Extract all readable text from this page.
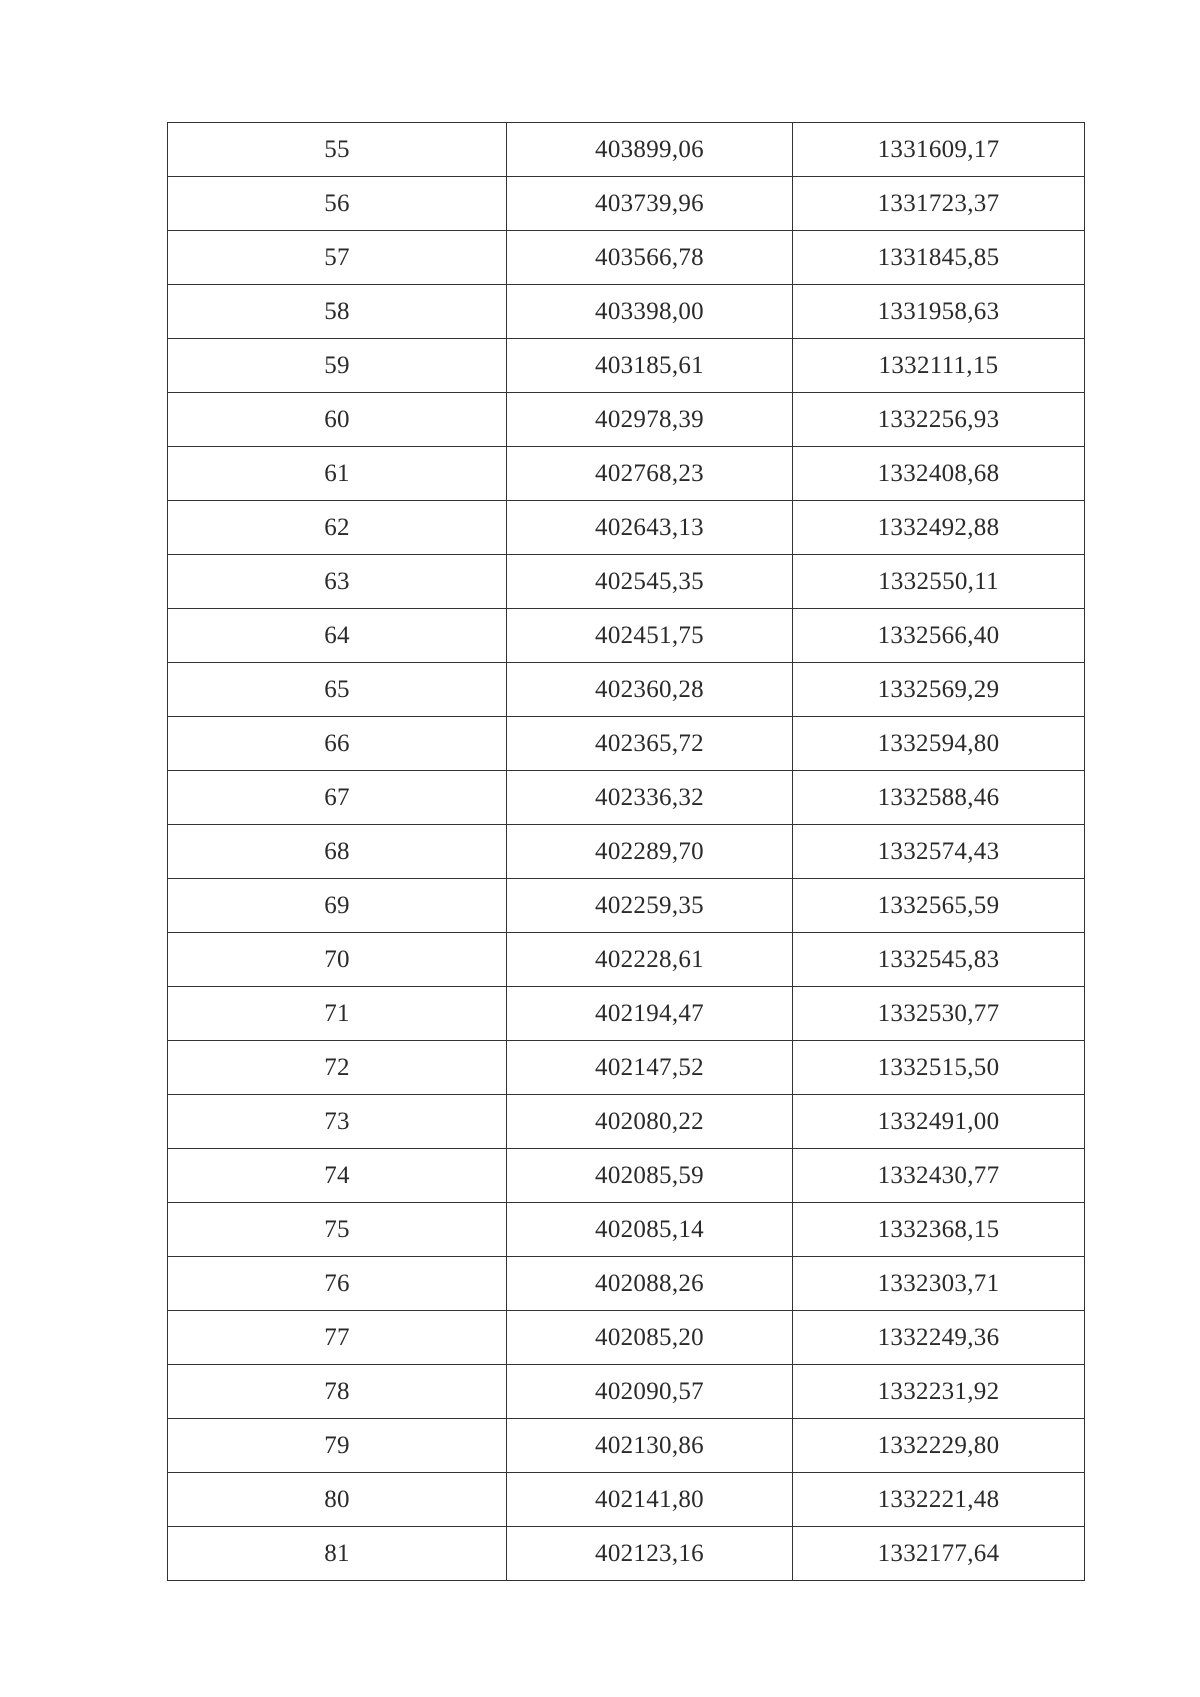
55	403899,06	1331609,17
56	403739,96	1331723,37
57	403566,78	1331845,85
58	403398,00	1331958,63
59	403185,61	1332111,15
60	402978,39	1332256,93
61	402768,23	1332408,68
62	402643,13	1332492,88
63	402545,35	1332550,11
64	402451,75	1332566,40
65	402360,28	1332569,29
66	402365,72	1332594,80
67	402336,32	1332588,46
68	402289,70	1332574,43
69	402259,35	1332565,59
70	402228,61	1332545,83
71	402194,47	1332530,77
72	402147,52	1332515,50
73	402080,22	1332491,00
74	402085,59	1332430,77
75	402085,14	1332368,15
76	402088,26	1332303,71
77	402085,20	1332249,36
78	402090,57	1332231,92
79	402130,86	1332229,80
80	402141,80	1332221,48
81	402123,16	1332177,64
